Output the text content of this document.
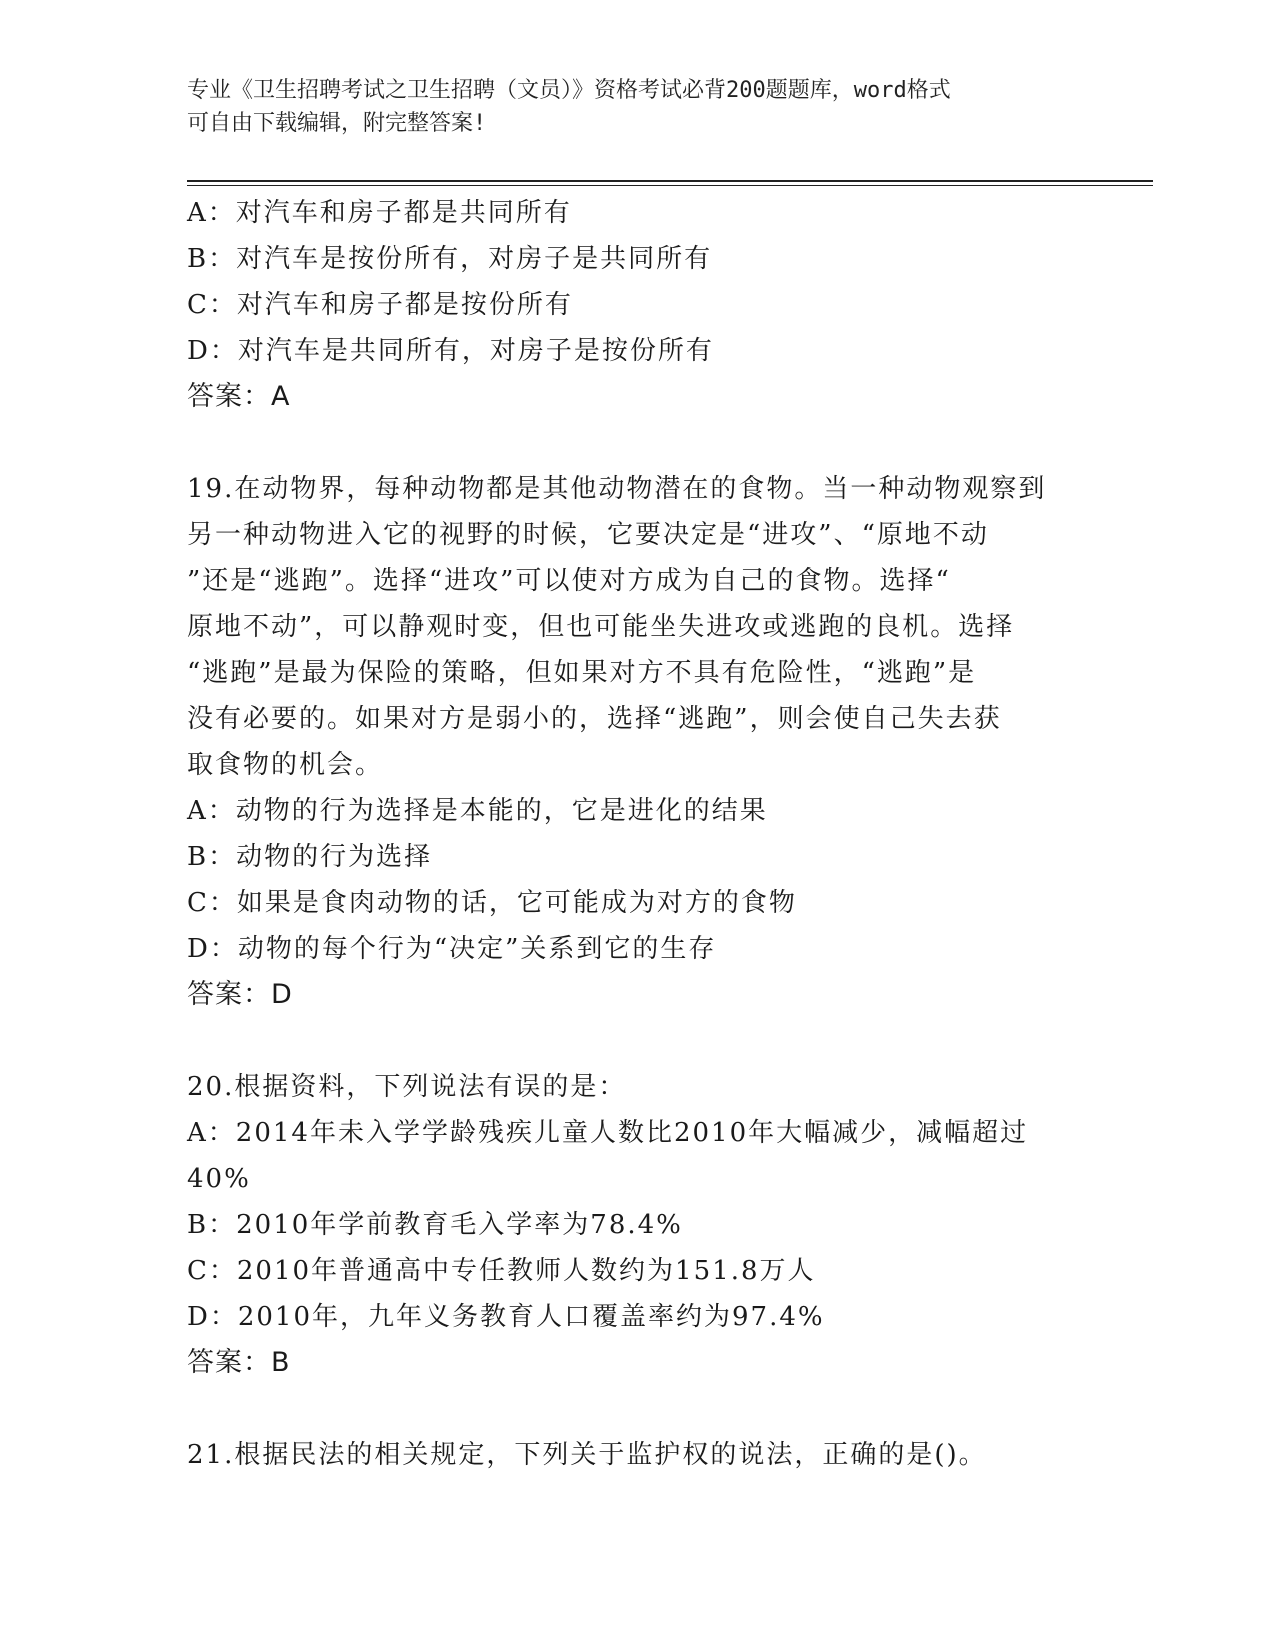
专业《卫生招聘考试之卫生招聘（文员）》资格考试必背200题题库，word格式
可自由下载编辑，附完整答案!
A：对汽车和房子都是共同所有
B：对汽车是按份所有，对房子是共同所有
C：对汽车和房子都是按份所有
D：对汽车是共同所有，对房子是按份所有
答案：A
19.在动物界，每种动物都是其他动物潜在的食物。当一种动物观察到
另一种动物进入它的视野的时候，它要决定是“进攻”、“原地不动
”还是“逃跑”。选择“进攻”可以使对方成为自己的食物。选择“
原地不动”，可以静观时变，但也可能坐失进攻或逃跑的良机。选择
“逃跑”是最为保险的策略，但如果对方不具有危险性，“逃跑”是
没有必要的。如果对方是弱小的，选择“逃跑”，则会使自己失去获
取食物的机会。
A：动物的行为选择是本能的，它是进化的结果
B：动物的行为选择
C：如果是食肉动物的话，它可能成为对方的食物
D：动物的每个行为“决定”关系到它的生存
答案：D
20.根据资料，下列说法有误的是：
A：2014年未入学学龄残疾儿童人数比2010年大幅减少，减幅超过
40%
B：2010年学前教育毛入学率为78.4%
C：2010年普通高中专任教师人数约为151.8万人
D：2010年，九年义务教育人口覆盖率约为97.4%
答案：B
21.根据民法的相关规定，下列关于监护权的说法，正确的是()。
